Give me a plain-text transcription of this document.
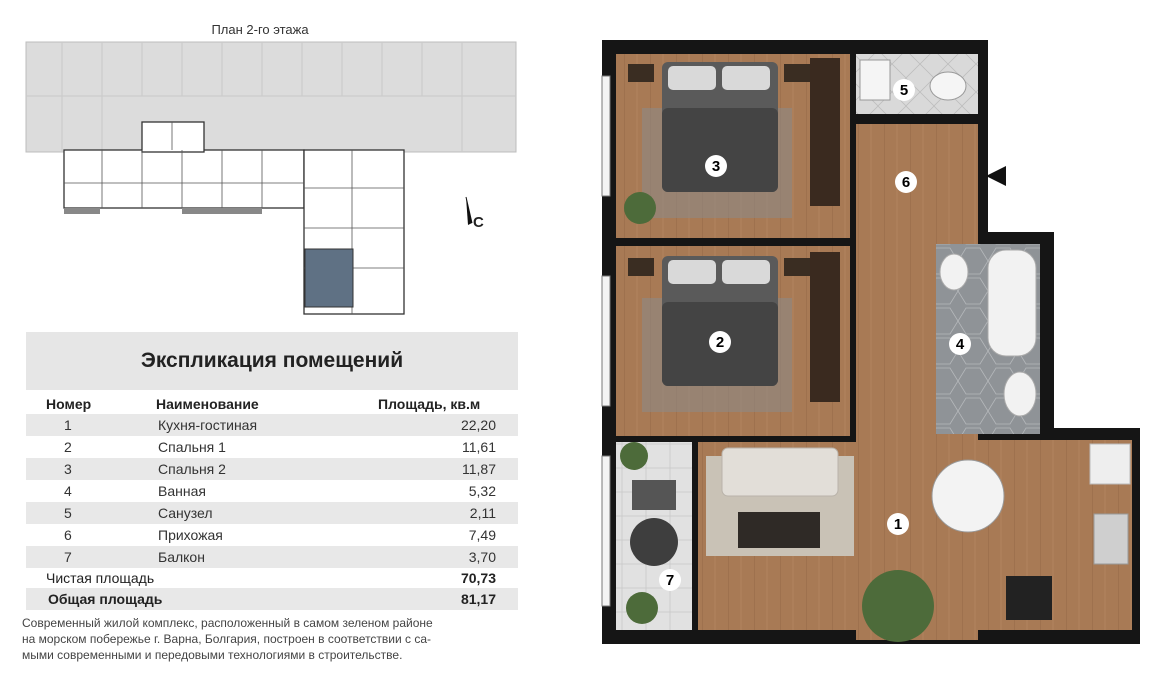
План 2-го этажа
С
Экспликация помещений
Номер	Наименование	Площадь, кв.м
1	Кухня-гостиная	22,20
2	Спальня 1	11,61
3	Спальня 2	11,87
4	Ванная	5,32
5	Санузел	2,11
6	Прихожая	7,49
7	Балкон	3,70
Чистая площадь	70,73
Общая площадь	81,17
Современный жилой комплекс, расположенный в самом зеленом районе
на морском побережье г. Варна, Болгария, построен в соответствии с са-
мыми современными и передовыми технологиями в строительстве.
1
2
3
4
5
6
7
